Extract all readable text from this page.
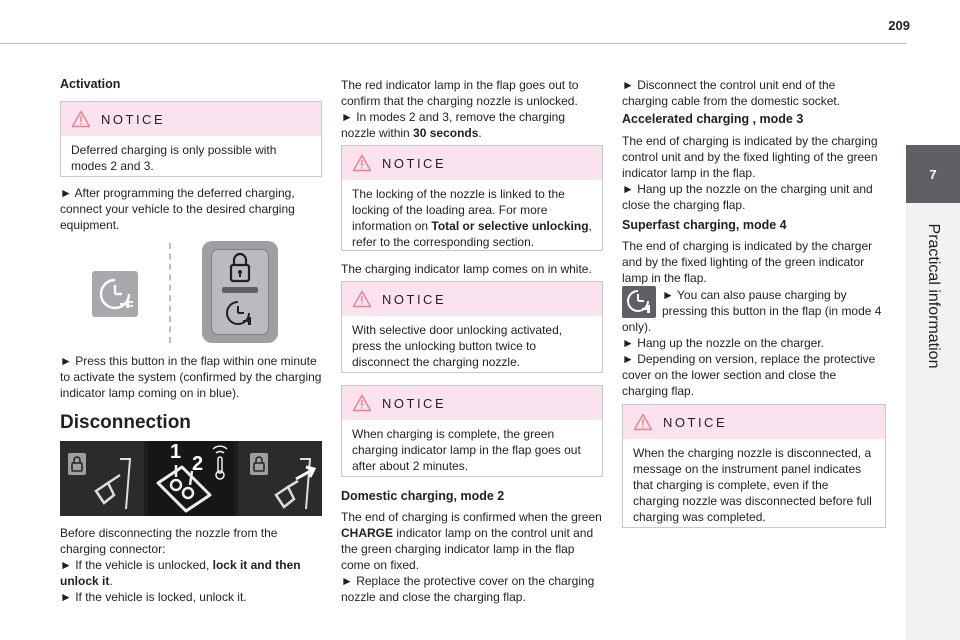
209
7
Practical information

Activation

NOTICE
Deferred charging is only possible with modes 2 and 3.

► After programming the deferred charging, connect your vehicle to the desired charging equipment.

► Press this button in the flap within one minute to activate the system (confirmed by the charging indicator lamp coming on in blue).

Disconnection

1
2

Before disconnecting the nozzle from the charging connector:

► If the vehicle is unlocked, lock it and then unlock it.

► If the vehicle is locked, unlock it.

The red indicator lamp in the flap goes out to confirm that the charging nozzle is unlocked.

► In modes 2 and 3, remove the charging nozzle within 30 seconds.

NOTICE
The locking of the nozzle is linked to the locking of the loading area. For more information on Total or selective unlocking, refer to the corresponding section.

The charging indicator lamp comes on in white.

NOTICE
With selective door unlocking activated, press the unlocking button twice to disconnect the charging nozzle.
NOTICE
When charging is complete, the green charging indicator lamp in the flap goes out after about 2 minutes.

Domestic charging, mode 2

The end of charging is confirmed when the green CHARGE indicator lamp on the control unit and the green charging indicator lamp in the flap come on fixed.

► Replace the protective cover on the charging nozzle and close the charging flap.

► Disconnect the control unit end of the charging cable from the domestic socket.

Accelerated charging , mode 3

The end of charging is indicated by the charging control unit and by the fixed lighting of the green indicator lamp in the flap.

► Hang up the nozzle on the charging unit and close the charging flap.

Superfast charging, mode 4

The end of charging is indicated by the charger and by the fixed lighting of the green indicator lamp in the flap.

► You can also pause charging by

pressing this button in the flap (in mode 4

only).

► Hang up the nozzle on the charger.

► Depending on version, replace the protective cover on the lower section and close the charging flap.

NOTICE
When the charging nozzle is disconnected, a message on the instrument panel indicates that charging is complete, even if the charging nozzle was disconnected before full charging was completed.
